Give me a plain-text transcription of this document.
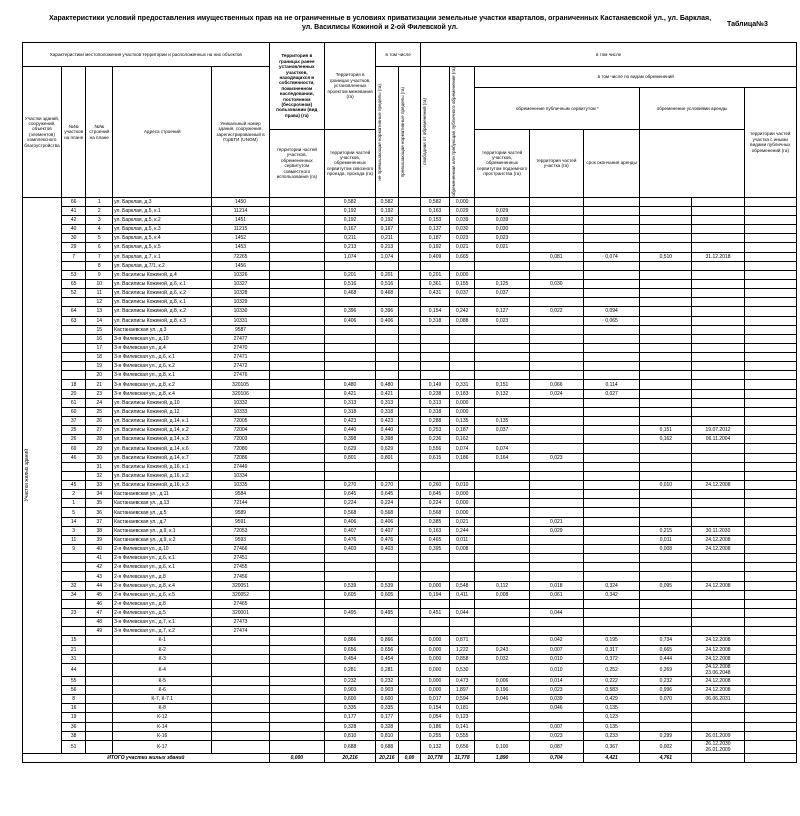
Характеристики условий предоставления имущественных прав на не ограниченные в условиях приватизации земельные участки кварталов, ограниченных Кастанаевской ул., ул. Барклая,
ул. Василисы Кожиной и 2-ой Филевской ул.	Таблица№3
Характеристики местоположения участков территории и расположенных на них объектов					Территория в границах ранее установленных участков, находящихся в собственности, пожизненном наследовании, постоянном (бессрочном) пользовании (вид права) (га)	Территория в границах участков, установленных проектом межевания (га)	в том числе		в том числе							
Участки зданий, сооружений, объектов (элементов) комплексного благоустройства	№№ участков на плане	№№ строений на плане	Адреса строений	Уникальный номер здания, сооружения, зарегистрированный в ГорБТИ (UNOM)			не превышающая нормативные пределы (га)	превышающая нормативные пределы (га)	свободная от обременений (га)	обремененная или требующая публичного обременения (га)	в том числе по видам обременений					
											обременение публичным сервитутом *			обременение условиями аренды		территории частей участка с иными видами публичных обременений (га)
					территории частей участков, обремененных сервитутом совместного использования (га)	территории частей участков, обремененных сервитутом сквозного проезда, прохода (га)					территории частей участков, обремененных сервитутом подземного пространства (га)	территория частей участка (га)	срок окончания аренды			

Участки жилых зданий	66	1	ул. Барклая, д.3	1450		0,582	0,582		0,582	0,000						
	41	2	ул. Барклая, д.5, к.1	11214		0,192	0,192		0,163	0,029	0,029					
	42	3	ул. Барклая, д.5, к.2	1451		0,192	0,192		0,153	0,039	0,039					
	40	4	ул. Барклая, д.5, к.3	11215		0,167	0,167		0,137	0,030	0,030					
	30	5	ул. Барклая, д.5, к.4	1452		0,211	0,211		0,187	0,023	0,023					
	29	6	ул. Барклая, д.5, к.5	1453		0,213	0,213		0,192	0,021	0,021					
	7	7	ул. Барклая, д.7, к.1	72265		1,074	1,074		0,409	0,665		0,081	0,074	0,510	31.12.2018	
		8	ул. Барклая, д.7/1, к.2	1456												
	53	9	ул. Василисы Кожиной, д.4	10326		0,201	0,201		0,201	0,000						
	65	10	ул. Василисы Кожиной, д.6, к.1	10327		0,516	0,516		0,361	0,155	0,125	0,030				
	52	11	ул. Василисы Кожиной, д.6, к.2	10328		0,468	0,468		0,431	0,037	0,037					
		12	ул. Василисы Кожиной, д.8, к.1	10329												
	64	13	ул. Василисы Кожиной, д.8, к.2	10330		0,396	0,396		0,154	0,242	0,127	0,022	0,094			
	63	14	ул. Василисы Кожиной, д.8, к.3	10331		0,406	0,406		0,318	0,088	0,023		0,065			
		15	Кастанаевская ул., д.3	9587												
		16	3-я Филевская ул., д.10	27477												
		17	3-я Филевская ул., д.4	27470												
		18	3-я Филевская ул., д.6, к.1	27471												
		19	3-я Филевская ул., д.6, к.2	27472												
		20	3-я Филевская ул., д.8, к.1	27476												
	18	21	3-я Филевская ул., д.8, к.2	320105		0,480	0,480		0,149	0,331	0,151	0,066	0,114			
	20	23	3-я Филевская ул., д.8, к.4	320106		0,421	0,421		0,238	0,183	0,132	0,024	0,027			
	61	24	ул. Василисы Кожиной, д.10	10332		0,313	0,313		0,313	0,000						
	60	25	ул. Василисы Кожиной, д.12	10333		0,318	0,318		0,318	0,000						
	37	26	ул. Василисы Кожиной, д.14, к.1	72005		0,423	0,423		0,288	0,135	0,135					
	25	27	ул. Василисы Кожиной, д.14, к.2	72004		0,440	0,440		0,253	0,187	0,037			0,151	19.07.2012	
	26	28	ул. Василисы Кожиной, д.14, к.3	72003		0,398	0,398		0,236	0,162				0,162	06.11.2004	
	69	29	ул. Василисы Кожиной, д.14, к.6	72080		0,629	0,629		0,556	0,074	0,074					
	46	30	ул. Василисы Кожиной, д.14, к.7	72086		0,801	0,801		0,615	0,186	0,164	0,023				
		31	ул. Василисы Кожиной, д.16, к.1	27449												
		32	ул. Василисы Кожиной, д.16, к.2	10334												
	45	33	ул. Василисы Кожиной, д.16, к.3	10335		0,270	0,270		0,260	0,010				0,010	24.12.2008	
	2	34	Кастанаевская ул., д.11	9584		0,645	0,645		0,645	0,000						
	1	35	Кастанаевская ул., д.13	72144		0,224	0,224		0,224	0,000						
	5	36	Кастанаевская ул., д.5	9589		0,568	0,568		0,568	0,000						
	14	37	Кастанаевская ул., д.7	9591		0,406	0,406		0,385	0,021		0,021				
	3	38	Кастанаевская ул., д.9, к.1	72053		0,407	0,407		0,163	0,244		0,029		0,215	30.11.2030	
	11	39	Кастанаевская ул., д.9, к.2	9593		0,476	0,476		0,465	0,011				0,011	24.12.2008	
	9	40	2-я Филевская ул., д.10	27466		0,403	0,403		0,395	0,008				0,008	24.12.2008	
		41	2-я Филевская ул., д.6, к.1	27451												
		42	2-я Филевская ул., д.6, к.1	27455												
		43	2-я Филевская ул., д.8	27456												
	32	44	2-я Филевская ул., д.8, к.4	320051		0,539	0,539		0,000	0,548	0,112	0,018	0,324	0,095	24.12.2008	
	34	45	2-я Филевская ул., д.6, к.5	320052		0,605	0,605		0,194	0,411	0,008	0,061	0,342			
		46	2-я Филевская ул., д.8	27465												
	23	47	2-я Филевская ул., д.5	320001		0,495	0,495		0,451	0,044		0,044				
		48	3-я Филевская ул., д.7, к.1	27473												
		49	3-я Филевская ул., д.7, к.2	27474												
	15		К-1			0,866	0,866		0,000	0,871		0,042	0,195	0,734	24.12.2008	
	21		К-2			0,656	0,656		0,000	1,222	0,243	0,007	0,317	0,665	24.12.2008	
	31		К-3			0,454	0,454		0,000	0,858	0,032	0,010	0,372	0,444	24.12.2008	
	44		К-4			0,281	0,281		0,000	0,530		0,010	0,252	0,269	24.12.2008 23.06.2048	
	55		К-5			0,232	0,232		0,000	0,473	0,006	0,014	0,222	0,232	24.12.2008	
	56		К-6			0,903	0,903		0,000	1,897	0,196	0,023	0,583	0,996	24.12.2008	
	8		К-7, К-7.1			0,600	0,600		0,017	0,594	0,046	0,039	0,429	0,070	06.06.2031	
	16		К-8			0,335	0,335		0,154	0,181		0,046	0,135			
	19		К-12			0,177	0,177		0,054	0,123			0,123			
	36		К-14			0,328	0,328		0,186	0,141		0,007	0,135			
	38		К-16			0,810	0,810		0,255	0,555		0,023	0,233	0,299	26.01.2009	
	51		К-17			0,688	0,688		0,132	0,656	0,100	0,087	0,367	0,002	26.12.2030 26.01.2009	
ИТОГО участки жилых зданий					0,000	20,216	20,216	0,00	10,778	11,778	1,890	0,704	4,421	4,761		
